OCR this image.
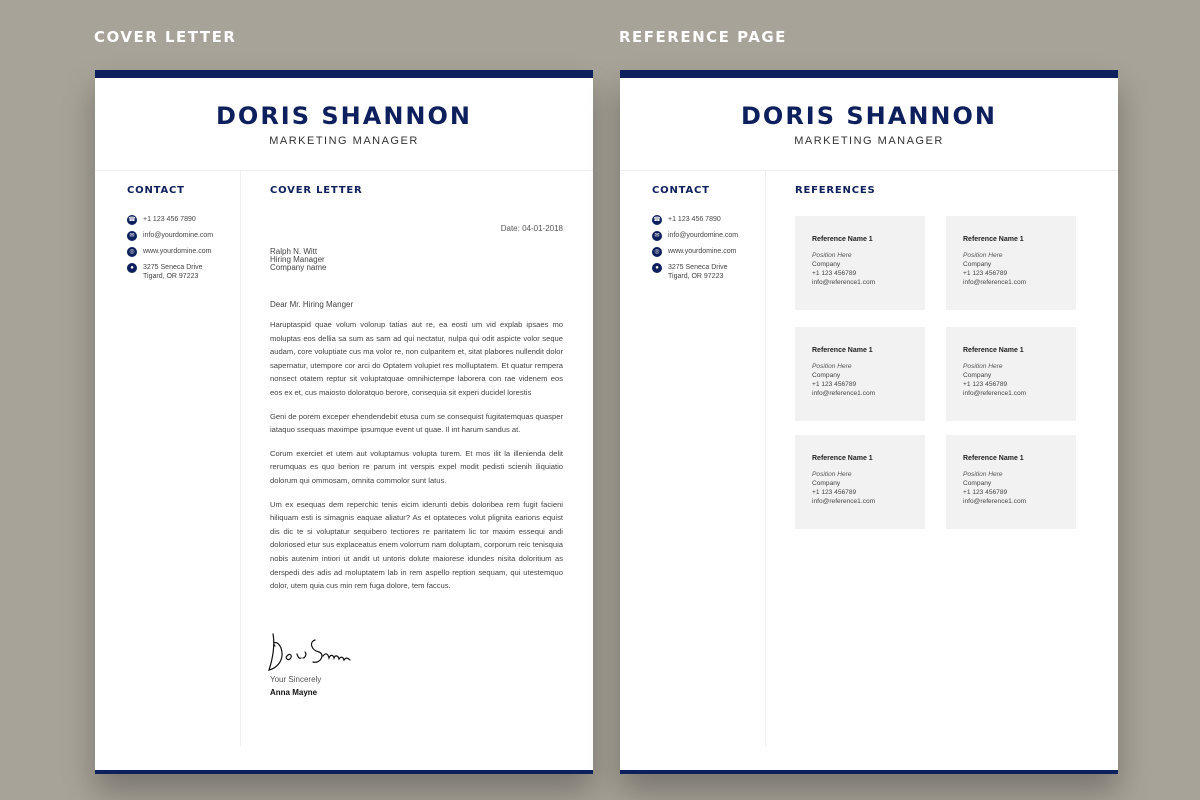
COVER LETTER	REFERENCE PAGE
DORIS SHANNON
MARKETING MANAGER
CONTACT
☎ +1 123 456 7890
✉	info@yourdomine.com
◎	www.yourdomine.com
●	3275 Seneca Drive
Tigard, OR 97223
COVER LETTER
Date: 04-01-2018
Ralph N. Witt
Hiring Manager
Company name
Dear Mr. Hiring Manger

Haruptaspid quae volum volorup tatias aut re, ea eosti um vid explab ipsaes mo moluptas eos dellia sa sum as sam ad qui nectatur, nulpa qui odit aspicte volor seque audam, core voluptiate cus ma volor re, non culparitem et, sitat plabores nullendit dolor sapernatur, utempore cor arci do Optatem volupiet res molluptatem. Et quatur rempera nonsect otatem reptur sit voluptatquae omnihictempe laborera con rae videnem eos eos ex et, cus maiosto doloratquo berore, consequia sit experi ducidel lorestis

Geni de porem exceper ehendendebit etusa cum se consequist fugitatemquas quasper iataquo ssequas maximpe ipsumque event ut quae. Il int harum sandus at.

Corum exerciet et utem aut voluptamus volupta turem. Et mos ilit la illenienda delit rerumquas es quo berion re parum int verspis expel modit pedisti scienih iliquiatio dolorum qui ommosam, omnita commolor sunt latus.

Um ex esequas dem reperchic tenis eicim iderunti debis doloribea rem fugit facieni hiliquam esti is simagnis eaquae aliatur? As et optateces volut plignita earions equist dis dic te si voluptatur sequibero tectiores re paritatem lic tor maxim essequi andi doloriosed etur sus explaceatus enem volorrum nam doluptam, corporum reic tenisquia nobis autenim intiori ut andit ut untoris dolute maiorese idundes nisita doloritium as derspedi des adis ad moluptatem lab in rem aspello reption sequam, qui utestemquo dolor, utem quia cus min rem fuga dolore, tem faccus.

Your Sincerely
Anna Mayne
DORIS SHANNON
MARKETING MANAGER
CONTACT
☎ +1 123 456 7890
✉	info@yourdomine.com
◎	www.yourdomine.com
●	3275 Seneca Drive
Tigard, OR 97223
REFERENCES
Reference Name 1
Position Here
Company
+1 123 456789
info@reference1.com
Reference Name 1
Position Here
Company
+1 123 456789
info@reference1.com
Reference Name 1
Position Here
Company
+1 123 456789
info@reference1.com
Reference Name 1
Position Here
Company
+1 123 456789
info@reference1.com
Reference Name 1
Position Here
Company
+1 123 456789
info@reference1.com
Reference Name 1
Position Here
Company
+1 123 456789
info@reference1.com
